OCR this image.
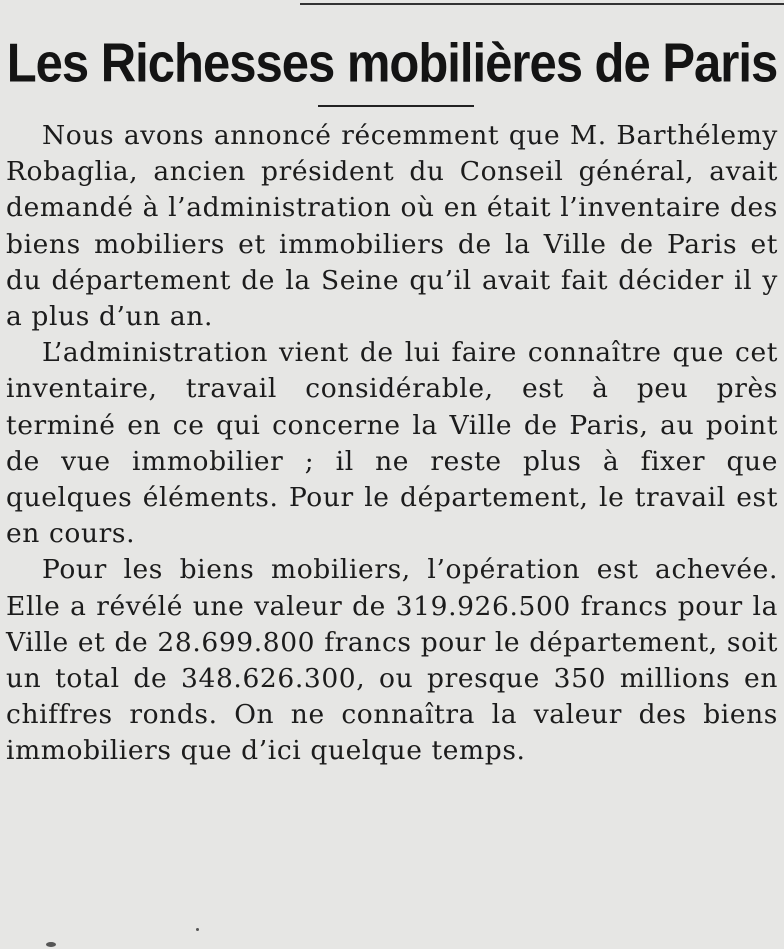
Les Richesses mobilières de Paris

Nous avons annoncé récemment que M. Barthélemy Robaglia, ancien président du Conseil général, avait demandé à l’administration où en était l’inventaire des biens mobiliers et immobiliers de la Ville de Paris et du département de la Seine qu’il avait fait décider il y a plus d’un an.

L’administration vient de lui faire connaître que cet inventaire, travail considérable, est à peu près terminé en ce qui concerne la Ville de Paris, au point de vue immobilier ; il ne reste plus à fixer que quelques éléments. Pour le département, le travail est en cours.

Pour les biens mobiliers, l’opération est achevée. Elle a révélé une valeur de 319.926.500 francs pour la Ville et de 28.699.800 francs pour le département, soit un total de 348.626.300, ou presque 350 millions en chiffres ronds. On ne connaîtra la valeur des biens immobiliers que d’ici quelque temps.
